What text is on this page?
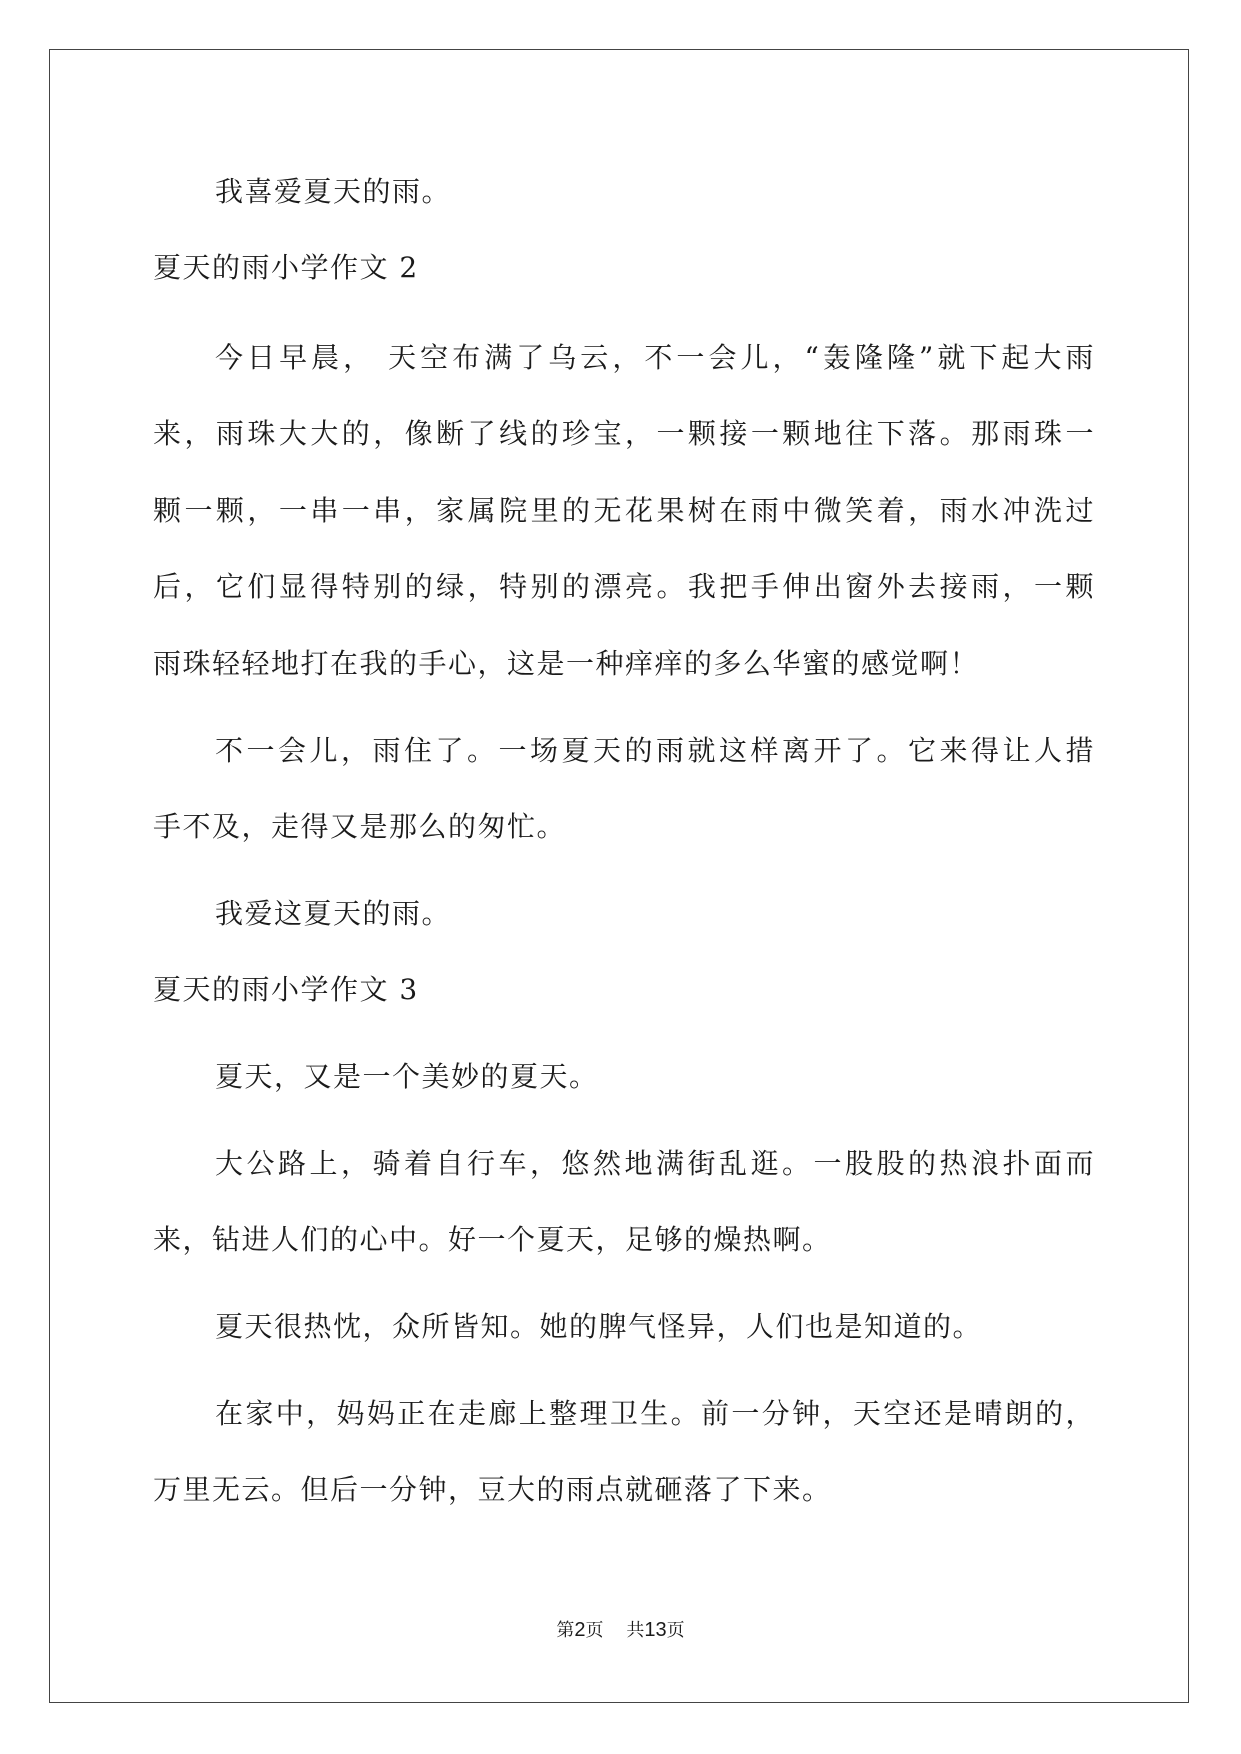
我喜爱夏天的雨。
夏天的雨小学作文 2
今日早晨， 天空布满了乌云，不一会儿，“轰隆隆”就下起大雨
来，雨珠大大的，像断了线的珍宝，一颗接一颗地往下落。那雨珠一
颗一颗，一串一串，家属院里的无花果树在雨中微笑着，雨水冲洗过
后，它们显得特别的绿，特别的漂亮。我把手伸出窗外去接雨，一颗
雨珠轻轻地打在我的手心，这是一种痒痒的多么华蜜的感觉啊！
不一会儿，雨住了。一场夏天的雨就这样离开了。它来得让人措
手不及，走得又是那么的匆忙。
我爱这夏天的雨。
夏天的雨小学作文 3
夏天，又是一个美妙的夏天。
大公路上，骑着自行车，悠然地满街乱逛。一股股的热浪扑面而
来，钻进人们的心中。好一个夏天，足够的燥热啊。
夏天很热忱，众所皆知。她的脾气怪异，人们也是知道的。
在家中，妈妈正在走廊上整理卫生。前一分钟，天空还是晴朗的，
万里无云。但后一分钟，豆大的雨点就砸落了下来。
第2页 共13页
